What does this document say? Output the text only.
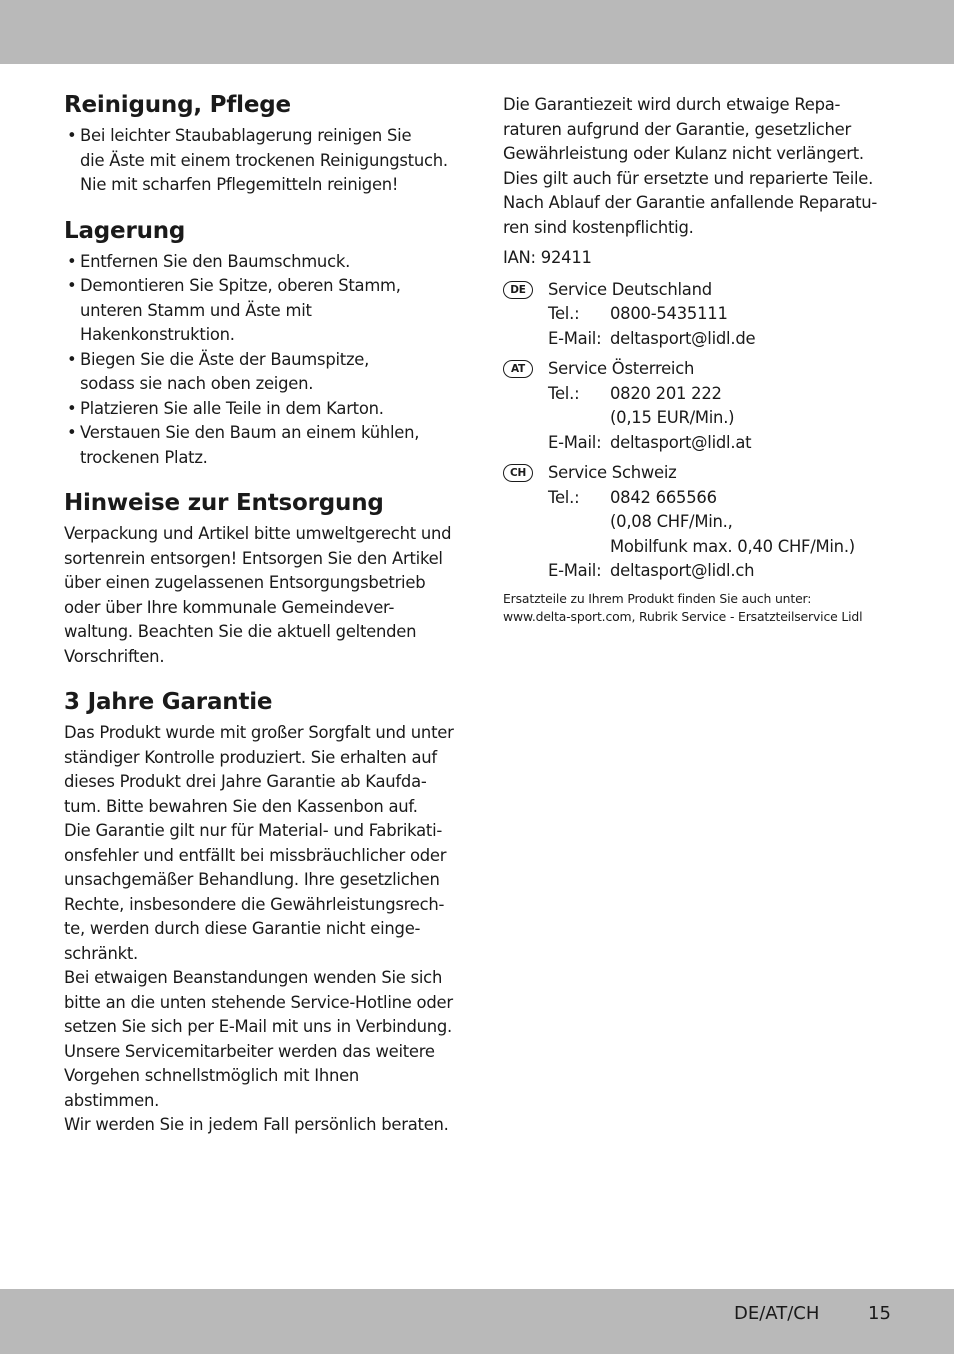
Reinigung, Pflege
• Bei leichter Staubablagerung reinigen Sie
die Äste mit einem trockenen Reinigungstuch.
Nie mit scharfen Pflegemitteln reinigen!
Lagerung
• Entfernen Sie den Baumschmuck.
• Demontieren Sie Spitze, oberen Stamm,
unteren Stamm und Äste mit
Hakenkonstruktion.
• Biegen Sie die Äste der Baumspitze,
sodass sie nach oben zeigen.
• Platzieren Sie alle Teile in dem Karton.
• Verstauen Sie den Baum an einem kühlen,
trockenen Platz.
Hinweise zur Entsorgung

Verpackung und Artikel bitte umweltgerecht und
sortenrein entsorgen! Entsorgen Sie den Artikel
über einen zugelassenen Entsorgungsbetrieb
oder über Ihre kommunale Gemeindever-
waltung. Beachten Sie die aktuell geltenden
Vorschriften.

3 Jahre Garantie

Das Produkt wurde mit großer Sorgfalt und unter
ständiger Kontrolle produziert. Sie erhalten auf
dieses Produkt drei Jahre Garantie ab Kaufda-
tum. Bitte bewahren Sie den Kassenbon auf.
Die Garantie gilt nur für Material- und Fabrikati-
onsfehler und entfällt bei missbräuchlicher oder
unsachgemäßer Behandlung. Ihre gesetzlichen
Rechte, insbesondere die Gewährleistungsrech-
te, werden durch diese Garantie nicht einge-
schränkt.
Bei etwaigen Beanstandungen wenden Sie sich
bitte an die unten stehende Service-Hotline oder
setzen Sie sich per E-Mail mit uns in Verbindung.
Unsere Servicemitarbeiter werden das weitere
Vorgehen schnellstmöglich mit Ihnen abstimmen.
Wir werden Sie in jedem Fall persönlich beraten.

Die Garantiezeit wird durch etwaige Repa-
raturen aufgrund der Garantie, gesetzlicher
Gewährleistung oder Kulanz nicht verlängert.
Dies gilt auch für ersetzte und reparierte Teile.
Nach Ablauf der Garantie anfallende Reparatu-
ren sind kostenpflichtig.

IAN: 92411
DE	Service Deutschland
Tel.:	0800-5435111
E-Mail: deltasport@lidl.de
AT	Service Österreich
Tel.:	0820 201 222
(0,15 EUR/Min.)
E-Mail: deltasport@lidl.at
CH	Service Schweiz
Tel.:	0842 665566
(0,08 CHF/Min.,
Mobilfunk max. 0,40 CHF/Min.)
E-Mail: deltasport@lidl.ch
Ersatzteile zu Ihrem Produkt finden Sie auch unter:
www.delta-sport.com, Rubrik Service - Ersatzteilservice Lidl
DE/AT/CH	15
